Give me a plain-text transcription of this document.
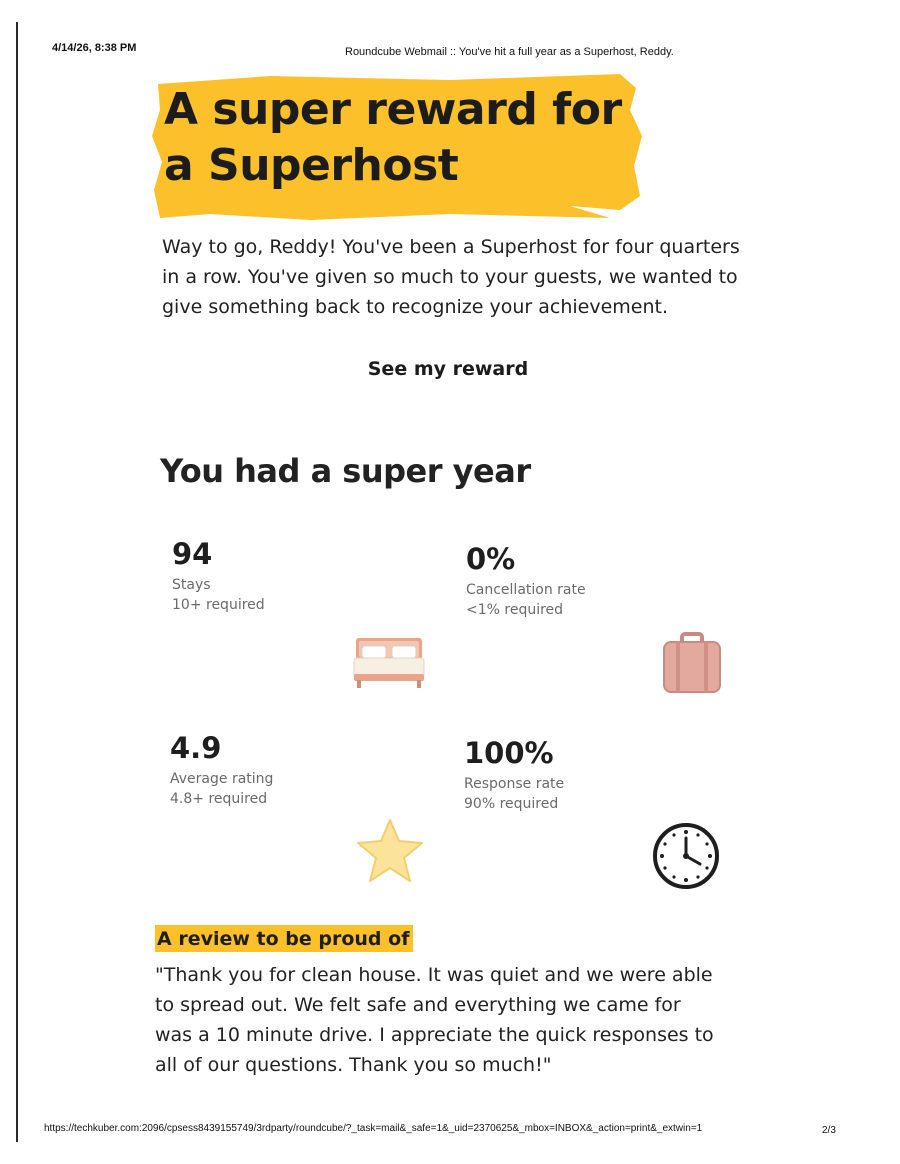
4/14/26, 8:38 PM	Roundcube Webmail :: You've hit a full year as a Superhost, Reddy.
A super reward for a Superhost

Way to go, Reddy! You've been a Superhost for four quarters in a row. You've given so much to your guests, we wanted to give something back to recognize your achievement.

See my reward
You had a super year

94

Stays

10+ required

0%

Cancellation rate

<1% required

4.9

Average rating

4.8+ required

100%

Response rate

90% required

A review to be proud of

"Thank you for clean house. It was quiet and we were able to spread out. We felt safe and everything we came for was a 10 minute drive. I appreciate the quick responses to all of our questions. Thank you so much!"

https://techkuber.com:2096/cpsess8439155749/3rdparty/roundcube/?_task=mail&_safe=1&_uid=2370625&_mbox=INBOX&_action=print&_extwin=1	2/3
